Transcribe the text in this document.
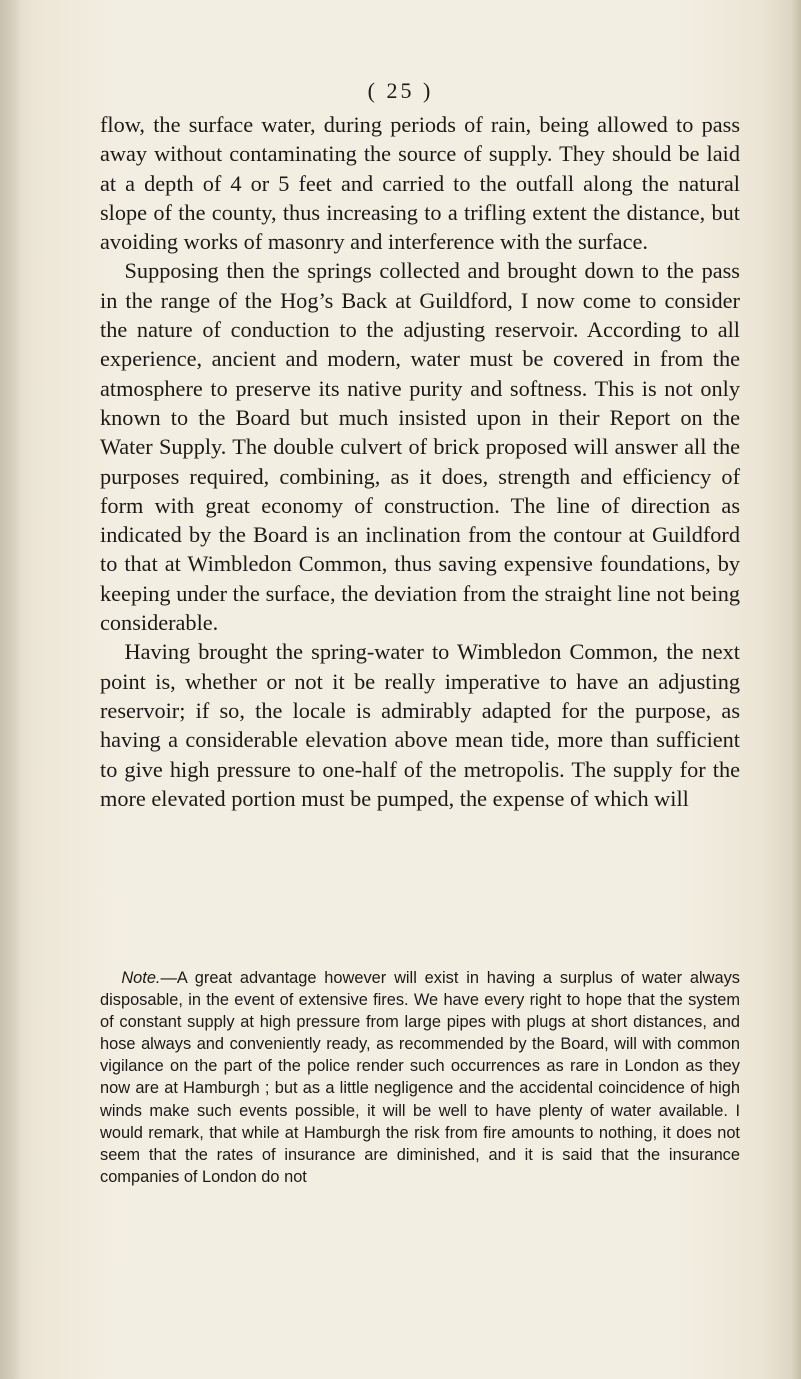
( 25 )

flow, the surface water, during periods of rain, being allowed to pass away without contaminating the source of supply. They should be laid at a depth of 4 or 5 feet and carried to the outfall along the natural slope of the county, thus increasing to a trifling extent the distance, but avoiding works of masonry and interference with the surface.

Supposing then the springs collected and brought down to the pass in the range of the Hog’s Back at Guildford, I now come to consider the nature of conduction to the adjusting reservoir. According to all experience, ancient and modern, water must be covered in from the atmosphere to preserve its native purity and softness. This is not only known to the Board but much insisted upon in their Report on the Water Supply. The double culvert of brick proposed will answer all the purposes required, combining, as it does, strength and efficiency of form with great economy of construction. The line of direction as indicated by the Board is an inclination from the contour at Guildford to that at Wimbledon Common, thus saving expensive foundations, by keeping under the surface, the deviation from the straight line not being considerable.

Having brought the spring-water to Wimbledon Common, the next point is, whether or not it be really imperative to have an adjusting reservoir; if so, the locale is admirably adapted for the purpose, as having a considerable elevation above mean tide, more than sufficient to give high pressure to one-half of the metropolis. The supply for the more elevated portion must be pumped, the expense of which will

Note.—A great advantage however will exist in having a surplus of water always disposable, in the event of extensive fires. We have every right to hope that the system of constant supply at high pressure from large pipes with plugs at short distances, and hose always and conveniently ready, as recommended by the Board, will with common vigilance on the part of the police render such occurrences as rare in London as they now are at Hamburgh ; but as a little negligence and the accidental coincidence of high winds make such events possible, it will be well to have plenty of water available. I would remark, that while at Hamburgh the risk from fire amounts to nothing, it does not seem that the rates of insurance are diminished, and it is said that the insurance companies of London do not
